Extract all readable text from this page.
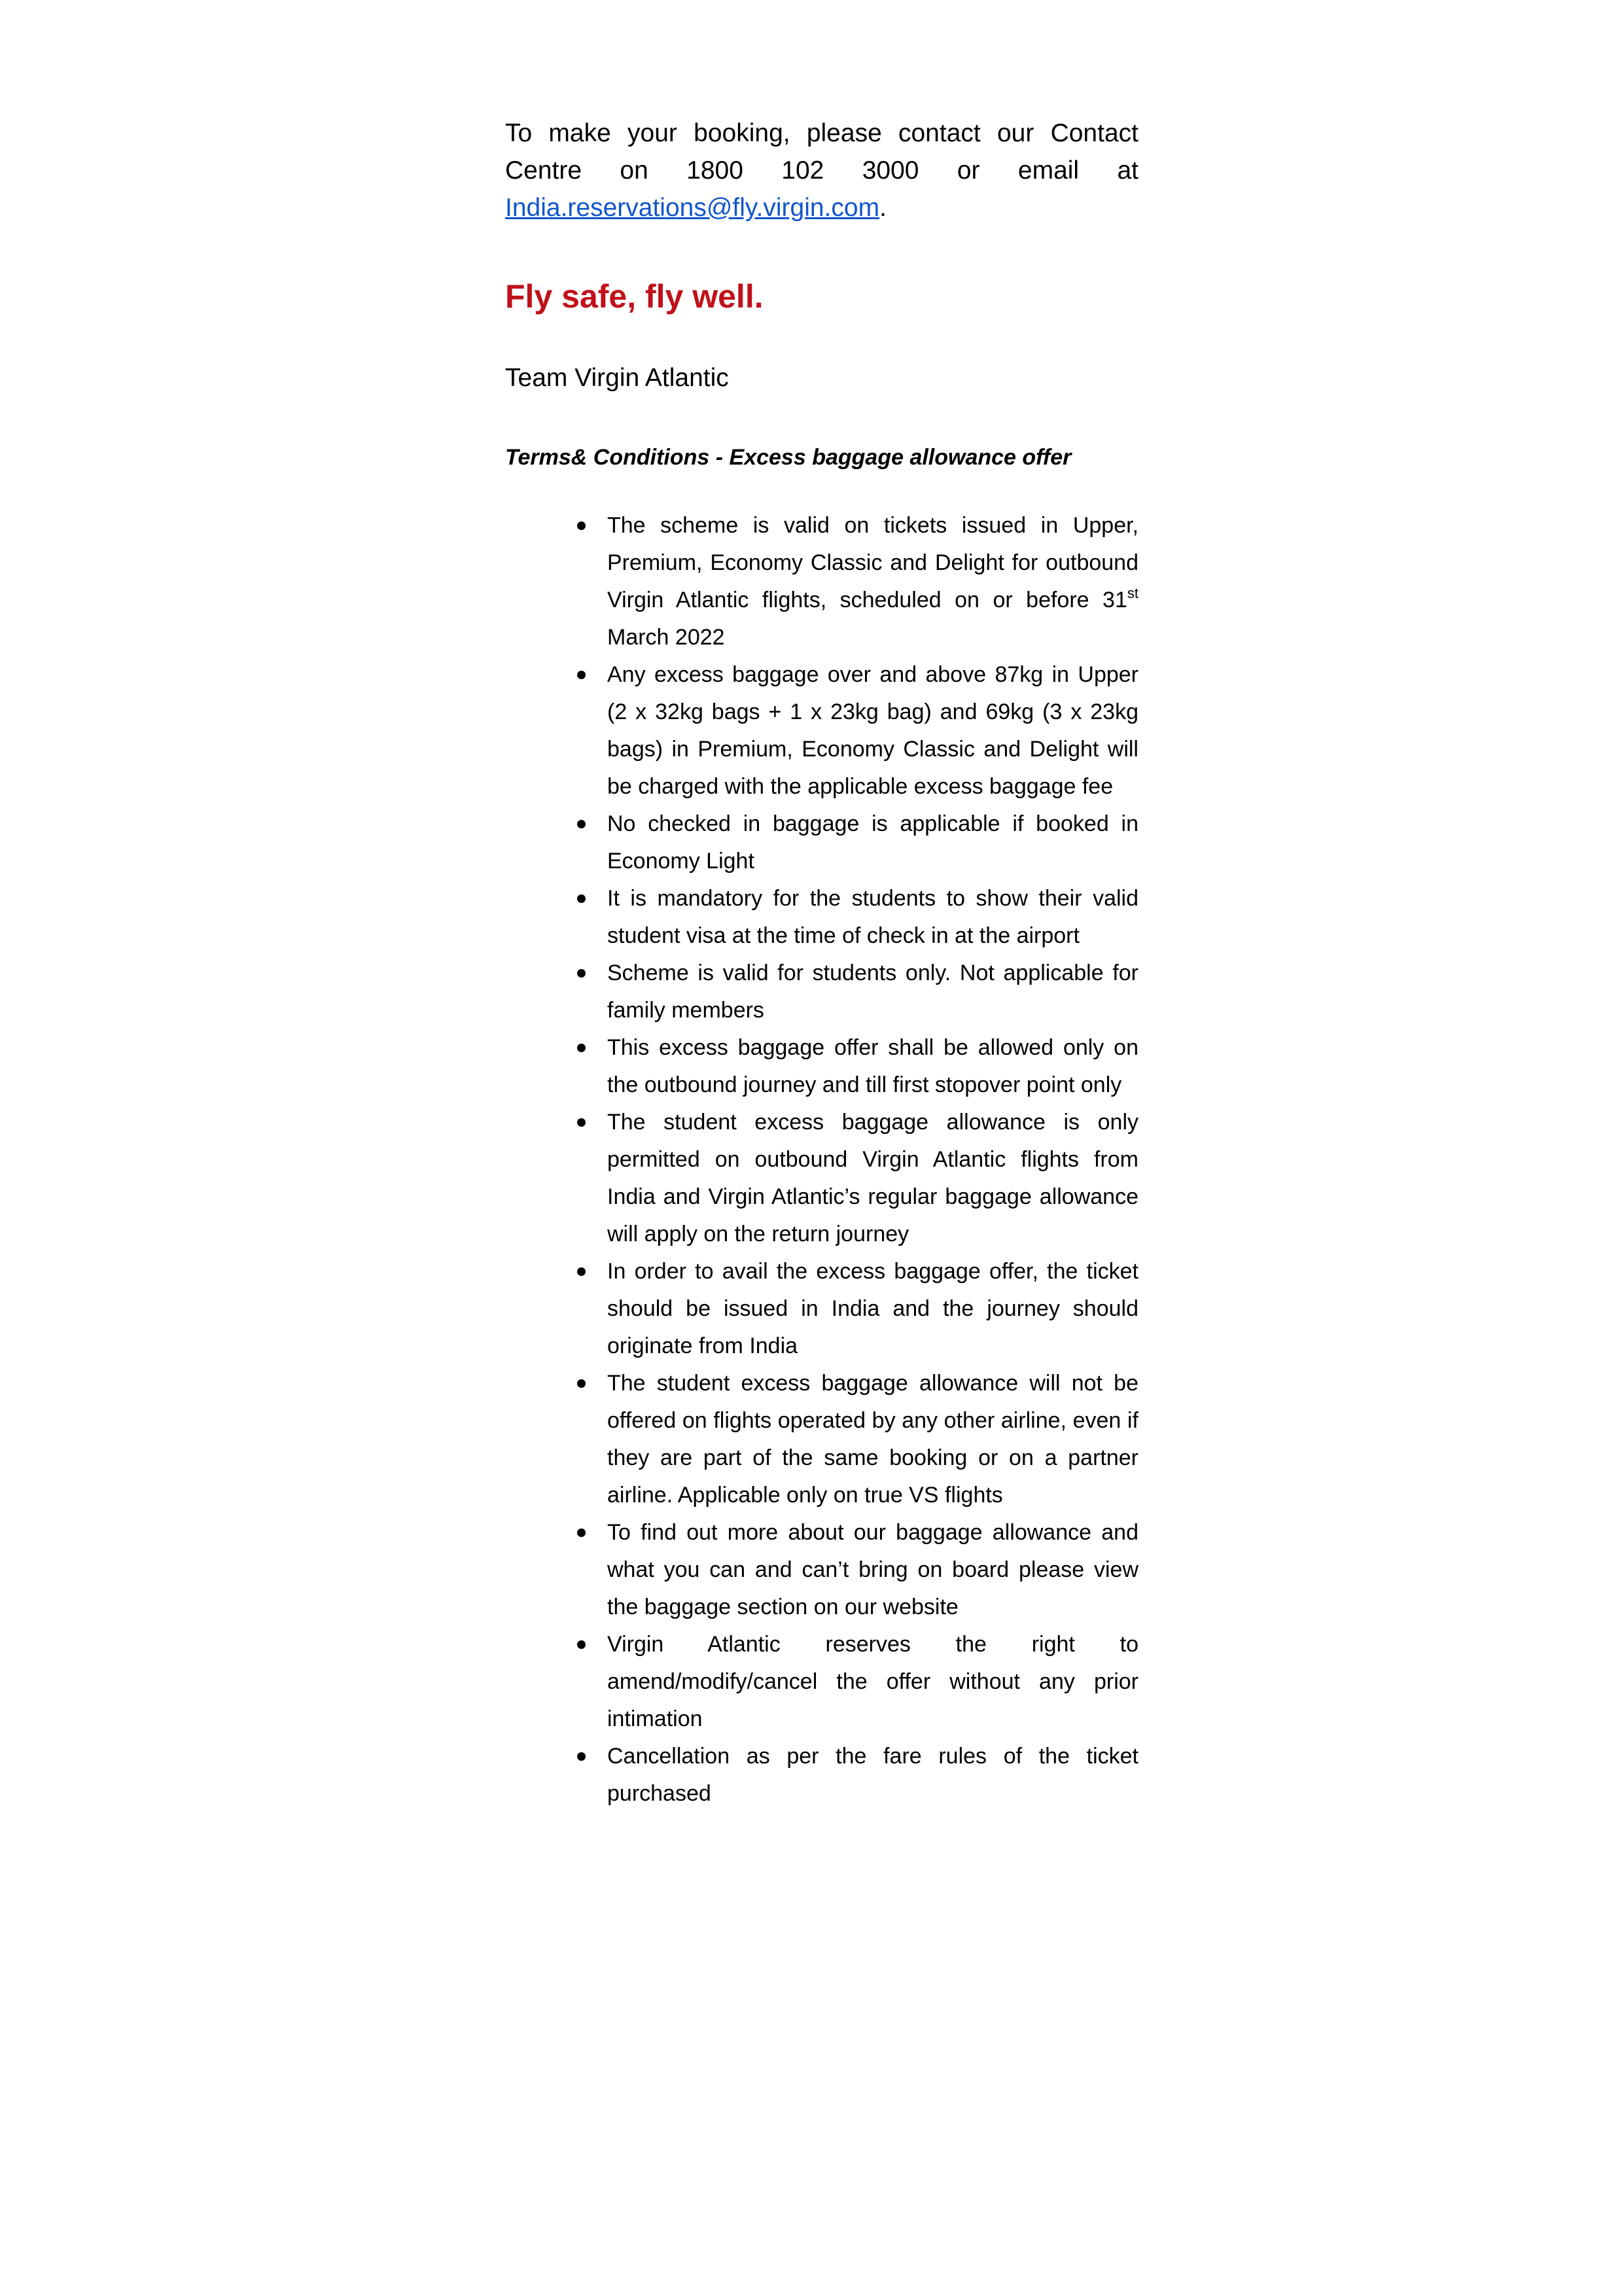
To make your booking, please contact our Contact Centre on 1800 102 3000 or email at India.reservations@fly.virgin.com.

Fly safe, fly well.

Team Virgin Atlantic

Terms& Conditions - Excess baggage allowance offer

The scheme is valid on tickets issued in Upper, Premium, Economy Classic and Delight for outbound Virgin Atlantic flights, scheduled on or before 31st March 2022
Any excess baggage over and above 87kg in Upper (2 x 32kg bags + 1 x 23kg bag) and 69kg (3 x 23kg bags) in Premium, Economy Classic and Delight will be charged with the applicable excess baggage fee
No checked in baggage is applicable if booked in Economy Light
It is mandatory for the students to show their valid student visa at the time of check in at the airport
Scheme is valid for students only. Not applicable for family members
This excess baggage offer shall be allowed only on the outbound journey and till first stopover point only
The student excess baggage allowance is only permitted on outbound Virgin Atlantic flights from India and Virgin Atlantic’s regular baggage allowance will apply on the return journey
In order to avail the excess baggage offer, the ticket should be issued in India and the journey should originate from India
The student excess baggage allowance will not be offered on flights operated by any other airline, even if they are part of the same booking or on a partner airline. Applicable only on true VS flights
To find out more about our baggage allowance and what you can and can’t bring on board please view the baggage section on our website
Virgin Atlantic reserves the right to amend/modify/cancel the offer without any prior intimation
Cancellation as per the fare rules of the ticket purchased
